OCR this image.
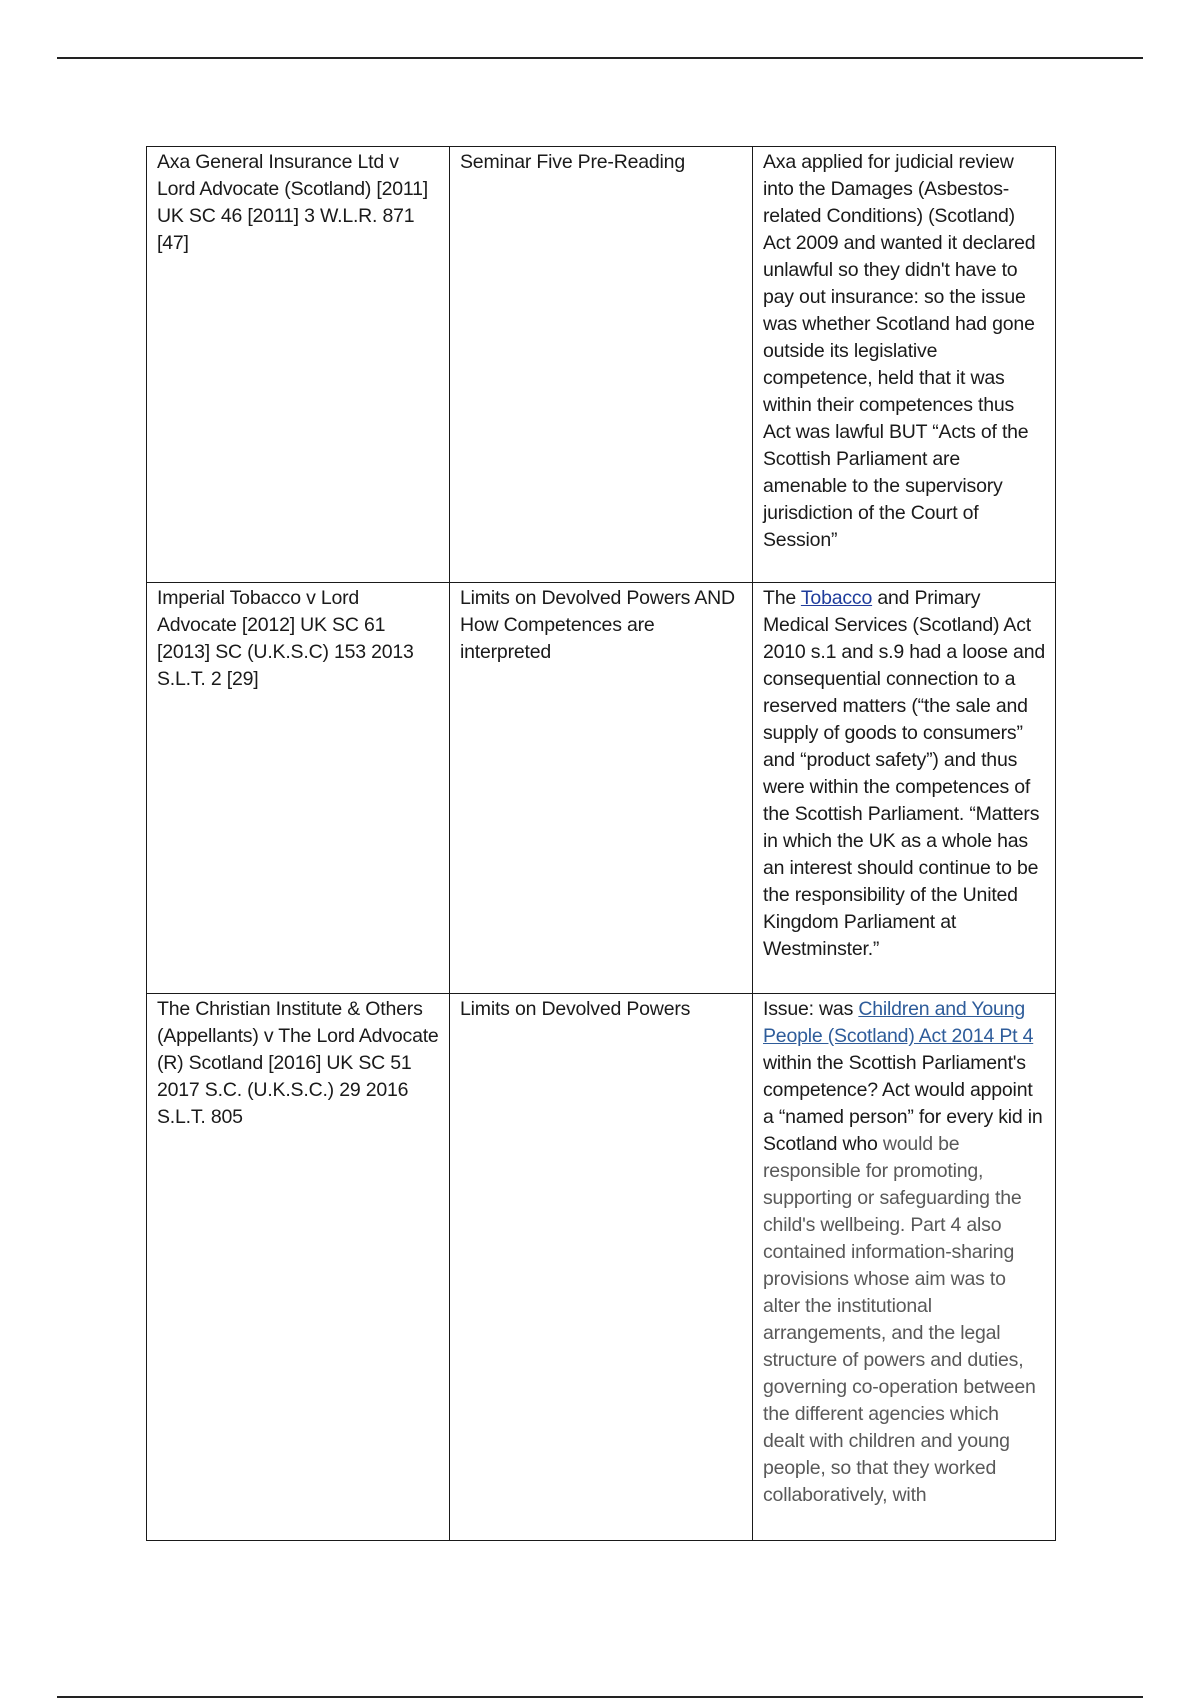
Axa General Insurance Ltd v Lord Advocate (Scotland) [2011] UK SC 46 [2011] 3 W.L.R. 871 [47]	Seminar Five Pre-Reading	Axa applied for judicial review into the Damages (Asbestos-related Conditions) (Scotland) Act 2009 and wanted it declared unlawful so they didn't have to pay out insurance: so the issue was whether Scotland had gone outside its legislative competence, held that it was within their competences thus Act was lawful BUT “Acts of the Scottish Parliament are amenable to the supervisory jurisdiction of the Court of Session”

Imperial Tobacco v Lord Advocate [2012] UK SC 61 [2013] SC (U.K.S.C) 153 2013 S.L.T. 2 [29]	Limits on Devolved Powers AND How Competences are interpreted	The Tobacco and Primary Medical Services (Scotland) Act 2010 s.1 and s.9 had a loose and consequential connection to a reserved matters (“the sale and supply of goods to consumers” and “product safety”) and thus were within the competences of the Scottish Parliament. “Matters in which the UK as a whole has an interest should continue to be the responsibility of the United Kingdom Parliament at Westminster.”

The Christian Institute & Others (Appellants) v The Lord Advocate (R) Scotland [2016] UK SC 51 2017 S.C. (U.K.S.C.) 29 2016 S.L.T. 805	Limits on Devolved Powers	Issue: was Children and Young People (Scotland) Act 2014 Pt 4 within the Scottish Parliament's competence? Act would appoint a “named person” for every kid in Scotland who would be responsible for promoting, supporting or safeguarding the child's wellbeing. Part 4 also contained information-sharing provisions whose aim was to alter the institutional arrangements, and the legal structure of powers and duties, governing co-operation between the different agencies which dealt with children and young people, so that they worked collaboratively, with
